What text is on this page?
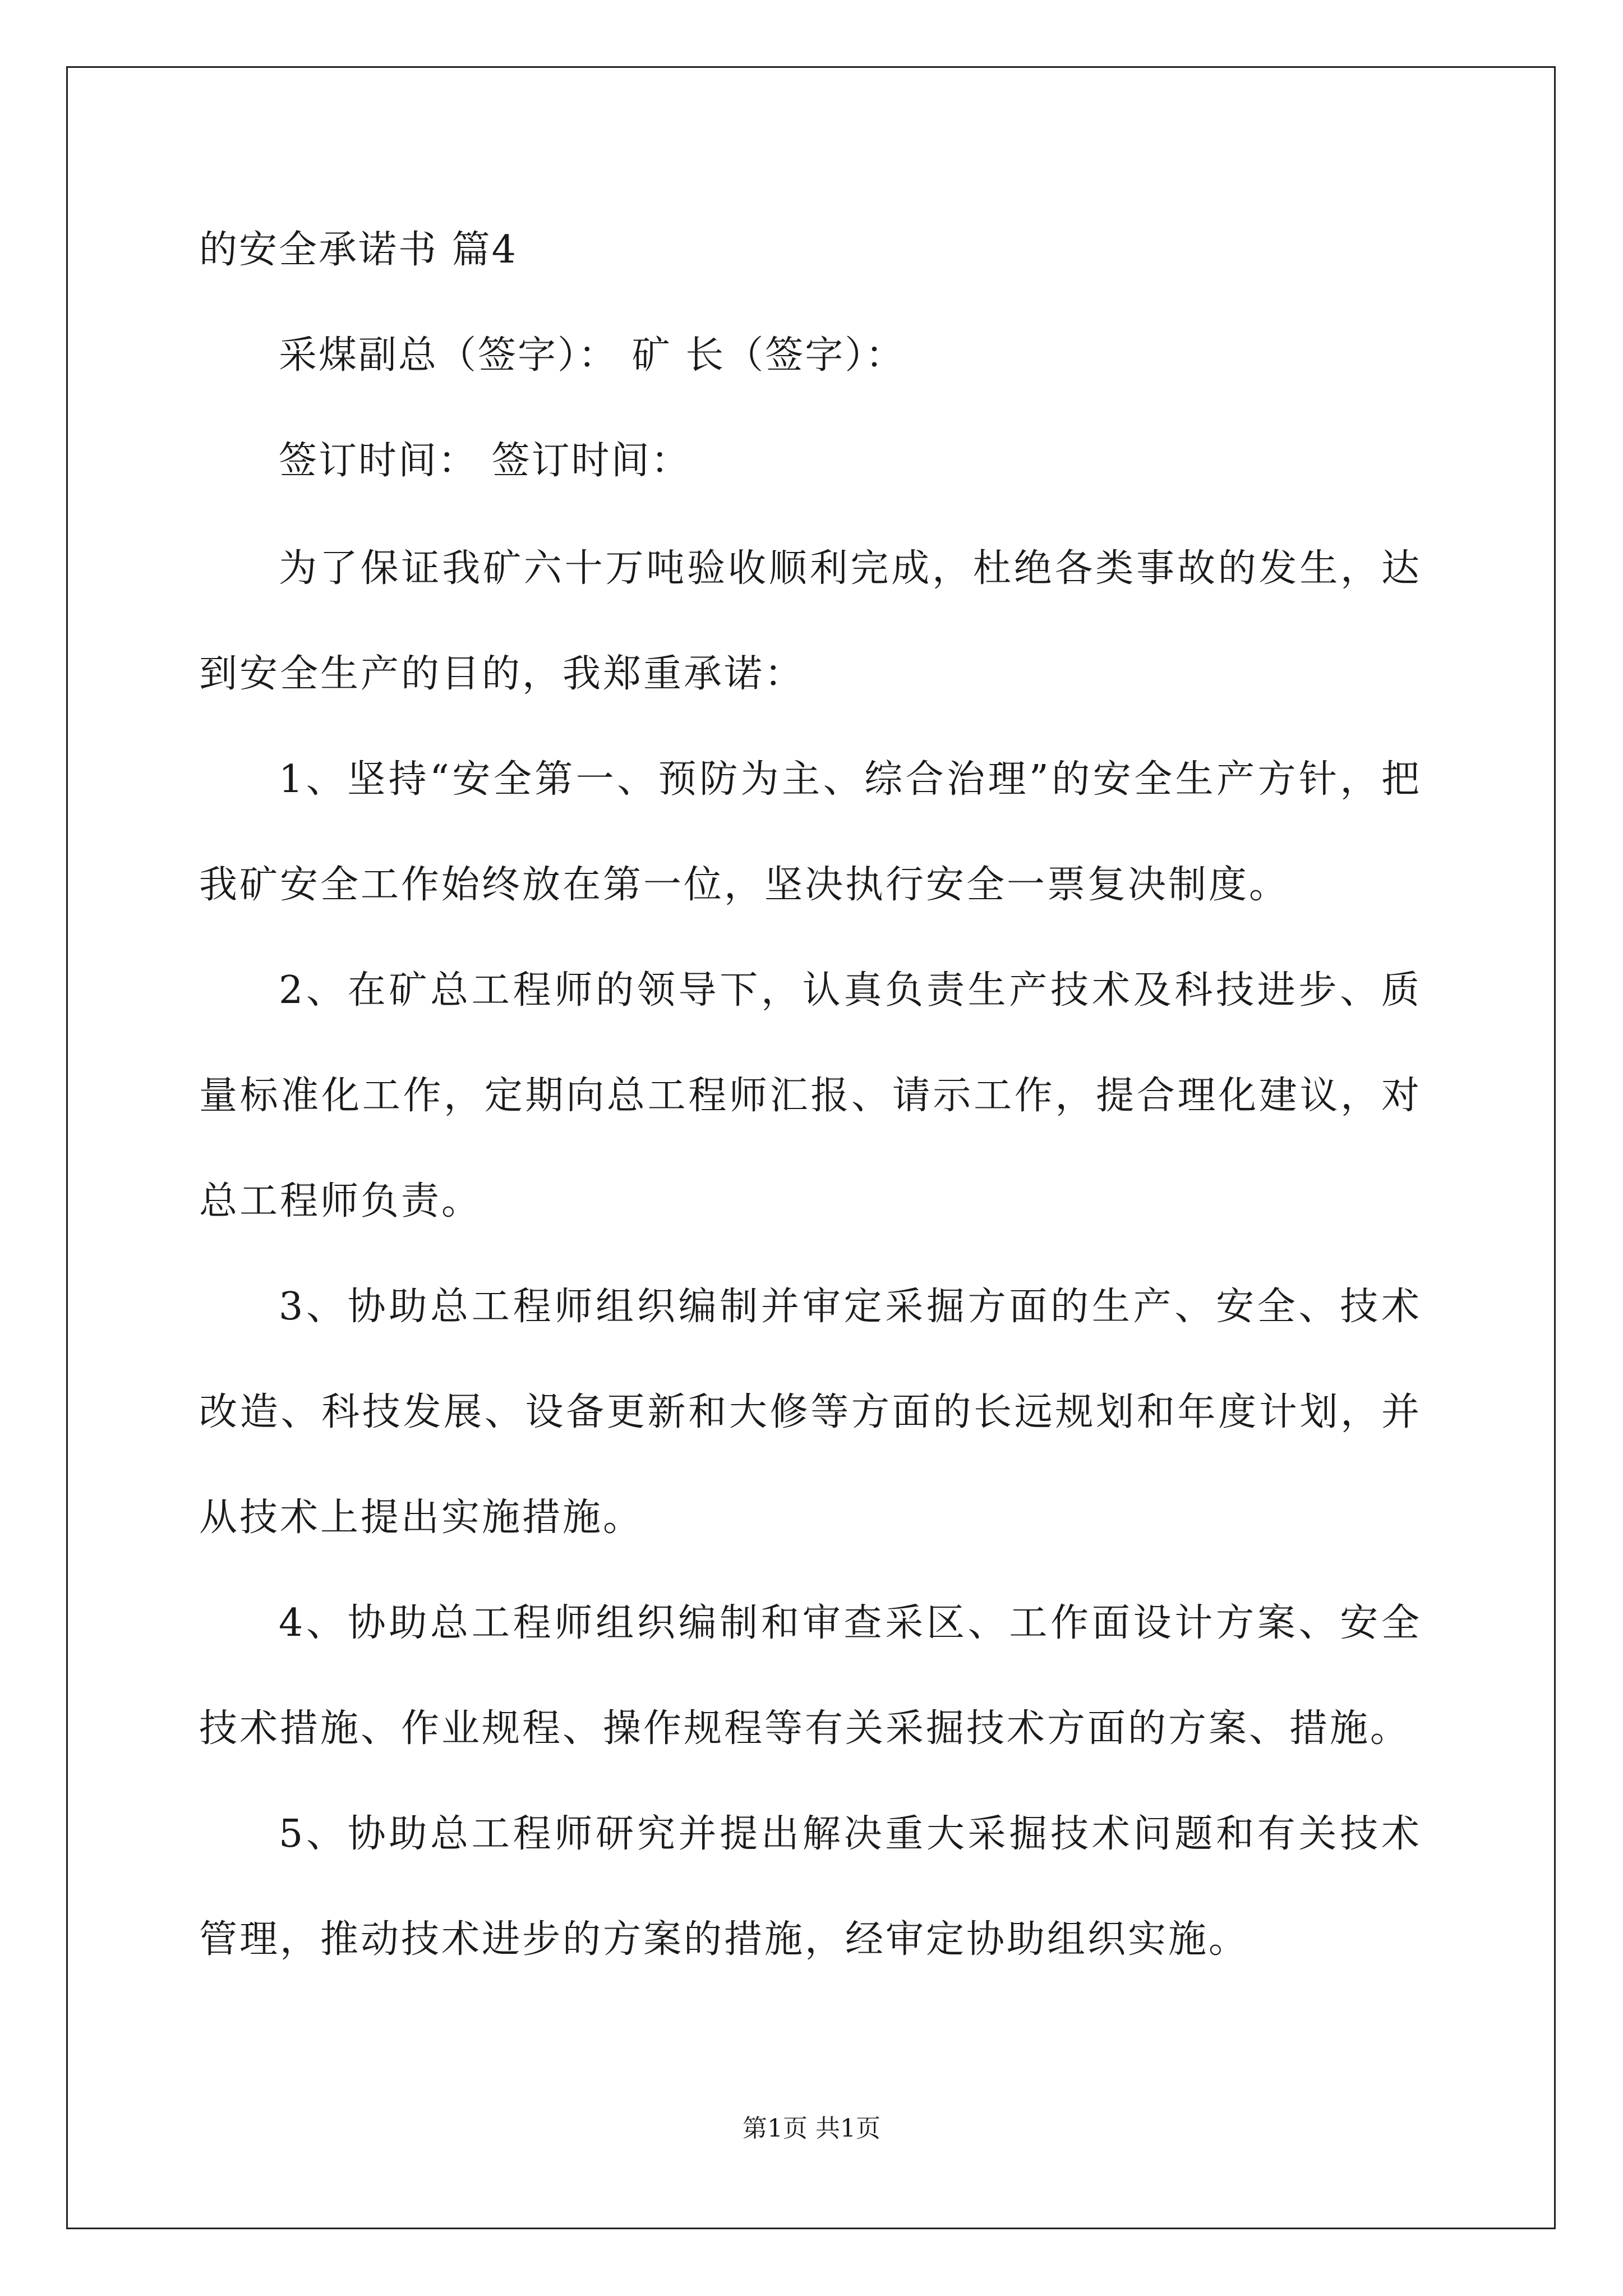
的安全承诺书 篇4
采煤副总（签字）： 矿 长（签字）：
签订时间： 签订时间：

为了保证我矿六十万吨验收顺利完成，杜绝各类事故的发生，达到安全生产的目的，我郑重承诺：

1、坚持“安全第一、预防为主、综合治理”的安全生产方针，把我矿安全工作始终放在第一位，坚决执行安全一票复决制度。

2、在矿总工程师的领导下，认真负责生产技术及科技进步、质量标准化工作，定期向总工程师汇报、请示工作，提合理化建议，对总工程师负责。

3、协助总工程师组织编制并审定采掘方面的生产、安全、技术改造、科技发展、设备更新和大修等方面的长远规划和年度计划，并从技术上提出实施措施。

4、协助总工程师组织编制和审查采区、工作面设计方案、安全技术措施、作业规程、操作规程等有关采掘技术方面的方案、措施。

5、协助总工程师研究并提出解决重大采掘技术问题和有关技术管理，推动技术进步的方案的措施，经审定协助组织实施。

第1页 共1页
